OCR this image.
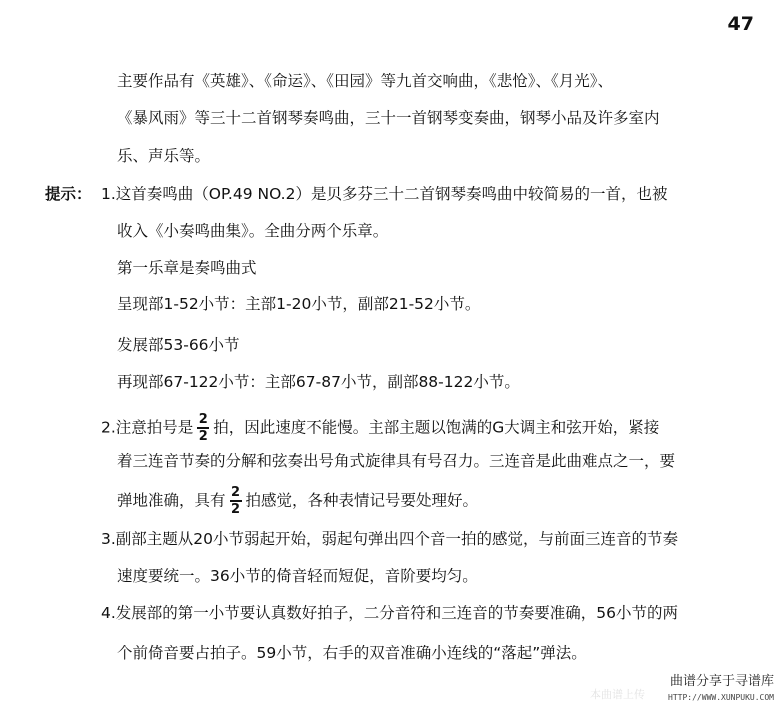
47
主要作品有《英雄》、《命运》、《田园》等九首交响曲，《悲怆》、《月光》、
《暴风雨》等三十二首钢琴奏鸣曲，三十一首钢琴变奏曲，钢琴小品及许多室内
乐、声乐等。
提示： 1.这首奏鸣曲（OP.49 NO.2）是贝多芬三十二首钢琴奏鸣曲中较简易的一首，也被
收入《小奏鸣曲集》。全曲分两个乐章。
第一乐章是奏鸣曲式
呈现部1-52小节：主部1-20小节，副部21-52小节。
发展部53-66小节
再现部67-122小节：主部67-87小节，副部88-122小节。
2.注意拍号是 $\frac{2}{2}$ 拍，因此速度不能慢。主部主题以饱满的G大调主和弦开始，紧接
着三连音节奏的分解和弦奏出号角式旋律具有号召力。三连音是此曲难点之一，要
弹地准确，具有 $\frac{2}{2}$ 拍感觉，各种表情记号要处理好。
3.副部主题从20小节弱起开始，弱起句弹出四个音一拍的感觉，与前面三连音的节奏
速度要统一。36小节的倚音轻而短促，音阶要均匀。
4.发展部的第一小节要认真数好拍子，二分音符和三连音的节奏要准确，56小节的两
个前倚音要占拍子。59小节，右手的双音准确小连线的“落起”弹法。
本曲谱上传
曲谱分享于寻谱库
HTTP://WWW.XUNPUKU.COM
